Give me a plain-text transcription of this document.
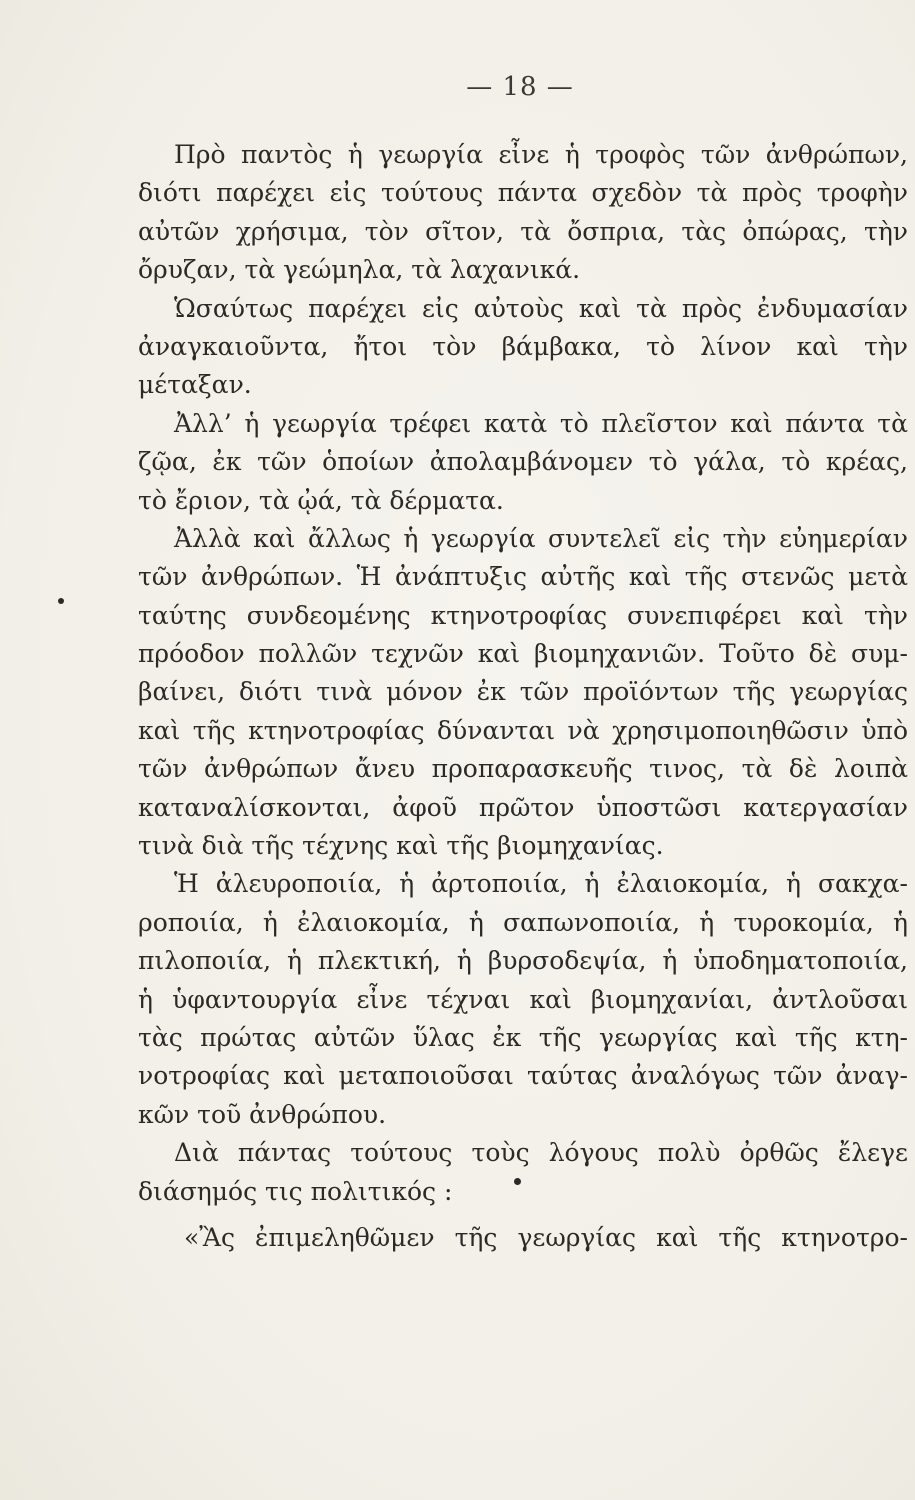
— 18 —
Πρὸ παντὸς ἡ γεωργία εἶνε ἡ τροφὸς τῶν ἀνθρώπων,
διότι παρέχει εἰς τούτους πάντα σχεδὸν τὰ πρὸς τροφὴν
αὐτῶν χρήσιμα, τὸν σῖτον, τὰ ὄσπρια, τὰς ὀπώρας, τὴν
ὄρυζαν, τὰ γεώμηλα, τὰ λαχανικά.
Ὡσαύτως παρέχει εἰς αὐτοὺς καὶ τὰ πρὸς ἐνδυμασίαν
ἀναγκαιοῦντα, ἤτοι τὸν βάμβακα, τὸ λίνον καὶ τὴν
μέταξαν.
Ἀλλ’ ἡ γεωργία τρέφει κατὰ τὸ πλεῖστον καὶ πάντα τὰ
ζῷα, ἐκ τῶν ὁποίων ἀπολαμβάνομεν τὸ γάλα, τὸ κρέας,
τὸ ἔριον, τὰ ᾠά, τὰ δέρματα.
Ἀλλὰ καὶ ἄλλως ἡ γεωργία συντελεῖ εἰς τὴν εὐημερίαν
τῶν ἀνθρώπων. Ἡ ἀνάπτυξις αὐτῆς καὶ τῆς στενῶς μετὰ
ταύτης συνδεομένης κτηνοτροφίας συνεπιφέρει καὶ τὴν
πρόοδον πολλῶν τεχνῶν καὶ βιομηχανιῶν. Τοῦτο δὲ συμ-
βαίνει, διότι τινὰ μόνον ἐκ τῶν προϊόντων τῆς γεωργίας
καὶ τῆς κτηνοτροφίας δύνανται νὰ χρησιμοποιηθῶσιν ὑπὸ
τῶν ἀνθρώπων ἄνευ προπαρασκευῆς τινος, τὰ δὲ λοιπὰ
καταναλίσκονται, ἀφοῦ πρῶτον ὑποστῶσι κατεργασίαν
τινὰ διὰ τῆς τέχνης καὶ τῆς βιομηχανίας.
Ἡ ἀλευροποιία, ἡ ἀρτοποιία, ἡ ἐλαιοκομία, ἡ σακχα-
ροποιία, ἡ ἐλαιοκομία, ἡ σαπωνοποιία, ἡ τυροκομία, ἡ
πιλοποιία, ἡ πλεκτική, ἡ βυρσοδεψία, ἡ ὑποδηματοποιία,
ἡ ὑφαντουργία εἶνε τέχναι καὶ βιομηχανίαι, ἀντλοῦσαι
τὰς πρώτας αὐτῶν ὕλας ἐκ τῆς γεωργίας καὶ τῆς κτη-
νοτροφίας καὶ μεταποιοῦσαι ταύτας ἀναλόγως τῶν ἀναγ-
κῶν τοῦ ἀνθρώπου.
Διὰ πάντας τούτους τοὺς λόγους πολὺ ὀρθῶς ἔλεγε
διάσημός τις πολιτικός :
«Ἂς ἐπιμεληθῶμεν τῆς γεωργίας καὶ τῆς κτηνοτρο-
